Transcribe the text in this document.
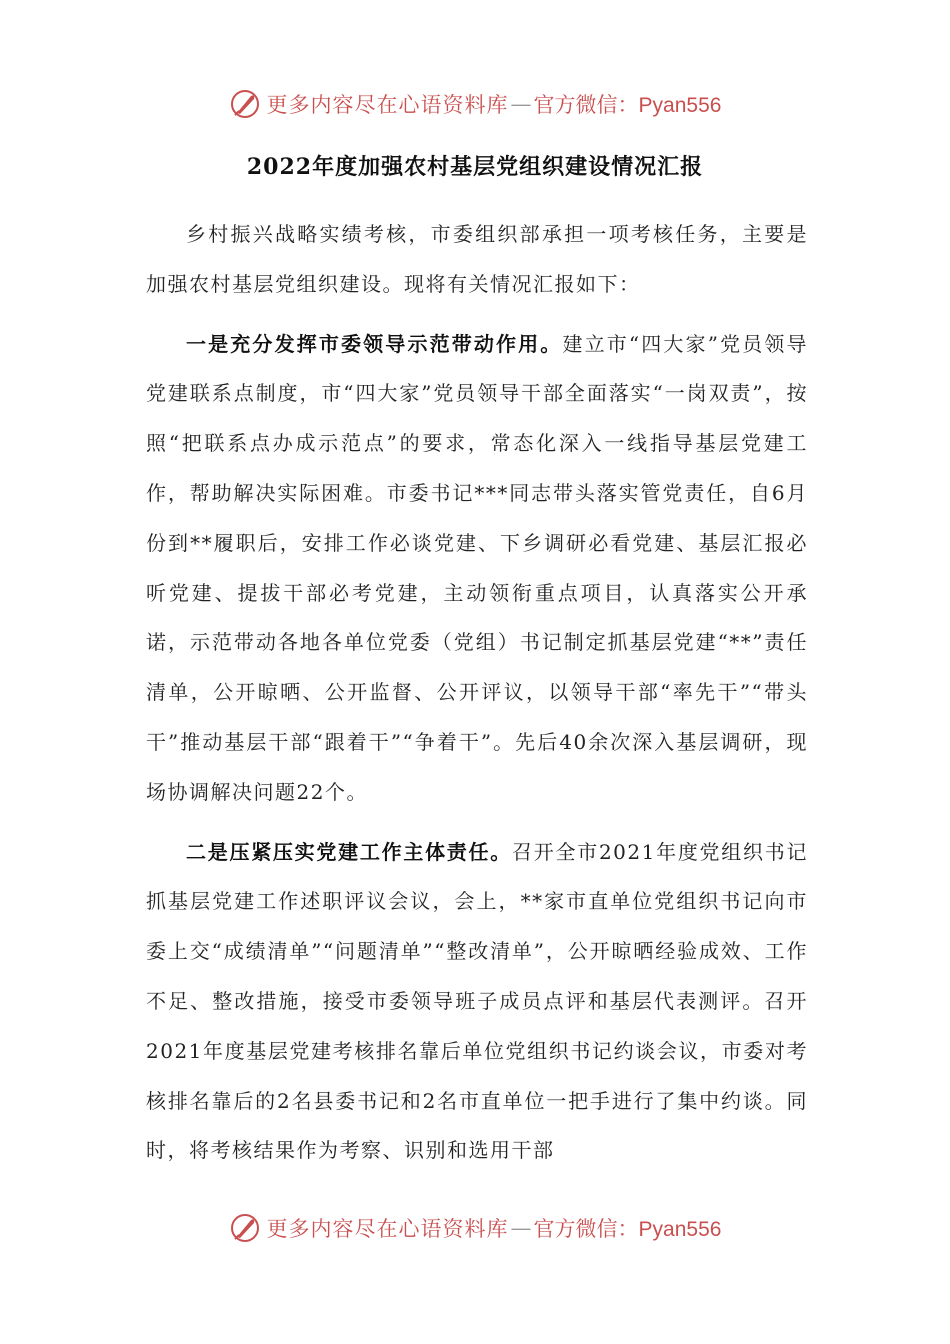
更多内容尽在心语资料库 — 官方微信：Pyan556
2022年度加强农村基层党组织建设情况汇报

乡村振兴战略实绩考核，市委组织部承担一项考核任务，主要是加强农村基层党组织建设。现将有关情况汇报如下：

一是充分发挥市委领导示范带动作用。建立市“四大家”党员领导党建联系点制度，市“四大家”党员领导干部全面落实“一岗双责”，按照“把联系点办成示范点”的要求，常态化深入一线指导基层党建工作，帮助解决实际困难。市委书记***同志带头落实管党责任，自6月份到**履职后，安排工作必谈党建、下乡调研必看党建、基层汇报必听党建、提拔干部必考党建，主动领衔重点项目，认真落实公开承诺，示范带动各地各单位党委（党组）书记制定抓基层党建“**”责任清单，公开晾晒、公开监督、公开评议，以领导干部“率先干”“带头干”推动基层干部“跟着干”“争着干”。先后40余次深入基层调研，现场协调解决问题22个。

二是压紧压实党建工作主体责任。召开全市2021年度党组织书记抓基层党建工作述职评议会议，会上，**家市直单位党组织书记向市委上交“成绩清单”“问题清单”“整改清单”，公开晾晒经验成效、工作不足、整改措施，接受市委领导班子成员点评和基层代表测评。召开2021年度基层党建考核排名靠后单位党组织书记约谈会议，市委对考核排名靠后的2名县委书记和2名市直单位一把手进行了集中约谈。同时，将考核结果作为考察、识别和选用干部

更多内容尽在心语资料库 — 官方微信：Pyan556
